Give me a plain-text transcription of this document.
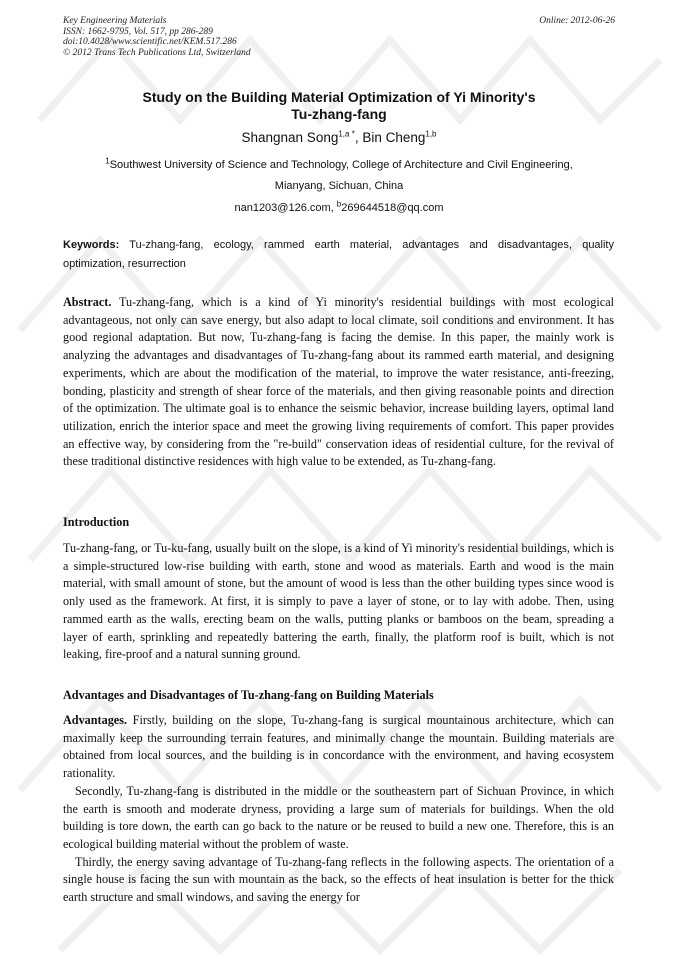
Key Engineering Materials
ISSN: 1662-9795, Vol. 517, pp 286-289
doi:10.4028/www.scientific.net/KEM.517.286
© 2012 Trans Tech Publications Ltd, Switzerland
Online: 2012-06-26
Study on the Building Material Optimization of Yi Minority's
Tu-zhang-fang
Shangnan Song$^{1,a *}$, Bin Cheng$^{1,b}$
$^1$Southwest University of Science and Technology, College of Architecture and Civil Engineering,
Mianyang, Sichuan, China
nan1203@126.com, $^b$269644518@qq.com
Keywords: Tu-zhang-fang, ecology, rammed earth material, advantages and disadvantages, quality optimization, resurrection
Abstract. Tu-zhang-fang, which is a kind of Yi minority's residential buildings with most ecological advantageous, not only can save energy, but also adapt to local climate, soil conditions and environment. It has good regional adaptation. But now, Tu-zhang-fang is facing the demise. In this paper, the mainly work is analyzing the advantages and disadvantages of Tu-zhang-fang about its rammed earth material, and designing experiments, which are about the modification of the material, to improve the water resistance, anti-freezing, bonding, plasticity and strength of shear force of the materials, and then giving reasonable points and direction of the optimization. The ultimate goal is to enhance the seismic behavior, increase building layers, optimal land utilization, enrich the interior space and meet the growing living requirements of comfort. This paper provides an effective way, by considering from the "re-build" conservation ideas of residential culture, for the revival of these traditional distinctive residences with high value to be extended, as Tu-zhang-fang.
Introduction
Tu-zhang-fang, or Tu-ku-fang, usually built on the slope, is a kind of Yi minority's residential buildings, which is a simple-structured low-rise building with earth, stone and wood as materials. Earth and wood is the main material, with small amount of stone, but the amount of wood is less than the other building types since wood is only used as the framework. At first, it is simply to pave a layer of stone, or to lay with adobe. Then, using rammed earth as the walls, erecting beam on the walls, putting planks or bamboos on the beam, spreading a layer of earth, sprinkling and repeatedly battering the earth, finally, the platform roof is built, which is not leaking, fire-proof and a natural sunning ground.
Advantages and Disadvantages of Tu-zhang-fang on Building Materials

Advantages. Firstly, building on the slope, Tu-zhang-fang is surgical mountainous architecture, which can maximally keep the surrounding terrain features, and minimally change the mountain. Building materials are obtained from local sources, and the building is in concordance with the environment, and having ecosystem rationality.

Secondly, Tu-zhang-fang is distributed in the middle or the southeastern part of Sichuan Province, in which the earth is smooth and moderate dryness, providing a large sum of materials for buildings. When the old building is tore down, the earth can go back to the nature or be reused to build a new one. Therefore, this is an ecological building material without the problem of waste.

Thirdly, the energy saving advantage of Tu-zhang-fang reflects in the following aspects. The orientation of a single house is facing the sun with mountain as the back, so the effects of heat insulation is better for the thick earth structure and small windows, and saving the energy for
